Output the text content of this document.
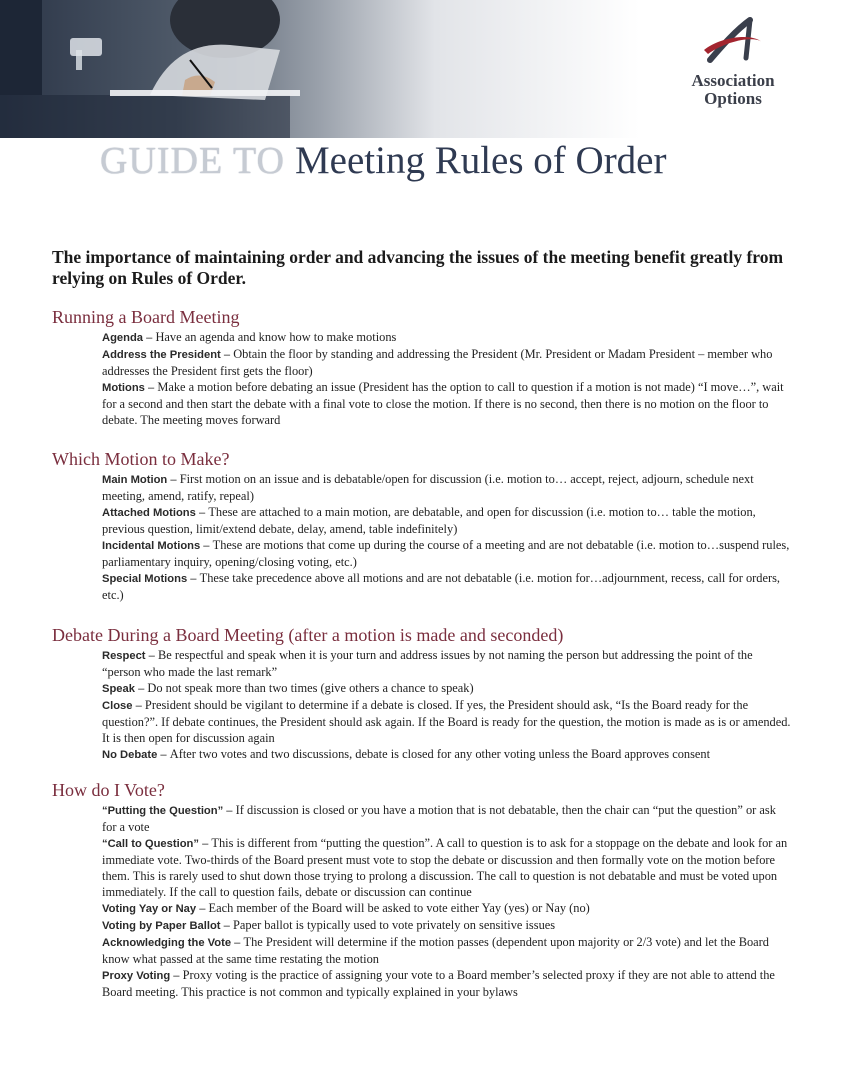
Association
Options
GUIDE TO Meeting Rules of Order
The importance of maintaining order and advancing the issues of the meeting benefit greatly from relying on Rules of Order.
Running a Board Meeting
Agenda – Have an agenda and know how to make motions
Address the President – Obtain the floor by standing and addressing the President (Mr. President or Madam President – member who addresses the President first gets the floor)
Motions – Make a motion before debating an issue (President has the option to call to question if a motion is not made) “I move…”, wait for a second and then start the debate with a final vote to close the motion. If there is no second, then there is no motion on the floor to debate. The meeting moves forward
Which Motion to Make?
Main Motion – First motion on an issue and is debatable/open for discussion (i.e. motion to… accept, reject, adjourn, schedule next meeting, amend, ratify, repeal)
Attached Motions – These are attached to a main motion, are debatable, and open for discussion (i.e. motion to… table the motion, previous question, limit/extend debate, delay, amend, table indefinitely)
Incidental Motions – These are motions that come up during the course of a meeting and are not debatable (i.e. motion to…suspend rules, parliamentary inquiry, opening/closing voting, etc.)
Special Motions – These take precedence above all motions and are not debatable (i.e. motion for…adjournment, recess, call for orders, etc.)
Debate During a Board Meeting (after a motion is made and seconded)
Respect – Be respectful and speak when it is your turn and address issues by not naming the person but addressing the point of the “person who made the last remark”
Speak – Do not speak more than two times (give others a chance to speak)
Close – President should be vigilant to determine if a debate is closed. If yes, the President should ask, “Is the Board ready for the question?”. If debate continues, the President should ask again. If the Board is ready for the question, the motion is made as is or amended. It is then open for discussion again
No Debate – After two votes and two discussions, debate is closed for any other voting unless the Board approves consent
How do I Vote?
“Putting the Question” – If discussion is closed or you have a motion that is not debatable, then the chair can “put the question” or ask for a vote
“Call to Question” – This is different from “putting the question”. A call to question is to ask for a stoppage on the debate and look for an immediate vote. Two-thirds of the Board present must vote to stop the debate or discussion and then formally vote on the motion before them. This is rarely used to shut down those trying to prolong a discussion. The call to question is not debatable and must be voted upon immediately. If the call to question fails, debate or discussion can continue
Voting Yay or Nay – Each member of the Board will be asked to vote either Yay (yes) or Nay (no)
Voting by Paper Ballot – Paper ballot is typically used to vote privately on sensitive issues
Acknowledging the Vote – The President will determine if the motion passes (dependent upon majority or 2/3 vote) and let the Board know what passed at the same time restating the motion
Proxy Voting – Proxy voting is the practice of assigning your vote to a Board member’s selected proxy if they are not able to attend the Board meeting. This practice is not common and typically explained in your bylaws
